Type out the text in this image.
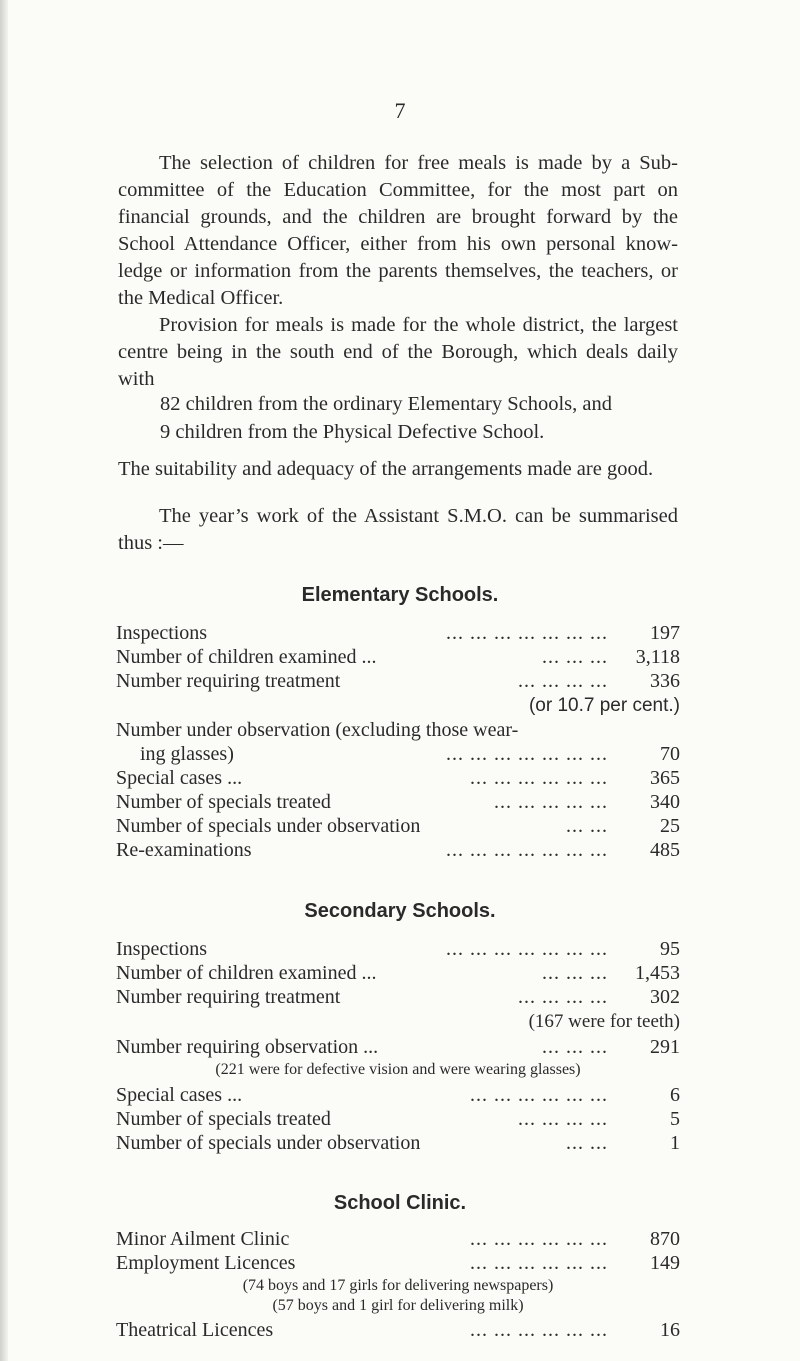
7

The selection of children for free meals is made by a Sub-committee of the Education Committee, for the most part on financial grounds, and the children are brought forward by the School Attendance Officer, either from his own personal know-ledge or information from the parents themselves, the teachers, or the Medical Officer.

Provision for meals is made for the whole district, the largest centre being in the south end of the Borough, which deals daily with

82 children from the ordinary Elementary Schools, and

9 children from the Physical Defective School.

The suitability and adequacy of the arrangements made are good.

The year’s work of the Assistant S.M.O. can be summarised thus :—

Elementary Schools.
Inspections	... ... ... ... ... ... ... 197
Number of children examined ...	... ... ... 3,118
Number requiring treatment	... ... ... ... 336
(or 10.7 per cent.)
Number under observation (excluding those wear-
ing glasses)	... ... ... ... ... ... ...	70
Special cases ...	... ... ... ... ... ... 365
Number of specials treated	... ... ... ... ... 340
Number of specials under observation	... ...	25
Re-examinations	... ... ... ... ... ... ... 485
Secondary Schools.
Inspections	... ... ... ... ... ... ...	95
Number of children examined ...	... ... ... 1,453
Number requiring treatment	... ... ... ... 302
(167 were for teeth)
Number requiring observation ...	... ... ... 291
(221 were for defective vision and were wearing glasses)
Special cases ...	... ... ... ... ... ...	6
Number of specials treated	... ... ... ...	5
Number of specials under observation	... ...	1
School Clinic.
Minor Ailment Clinic	... ... ... ... ... ... 870
Employment Licences	... ... ... ... ... ... 149
(74 boys and 17 girls for delivering newspapers)
(57 boys and 1 girl for delivering milk)
Theatrical Licences	... ... ... ... ... ...	16
